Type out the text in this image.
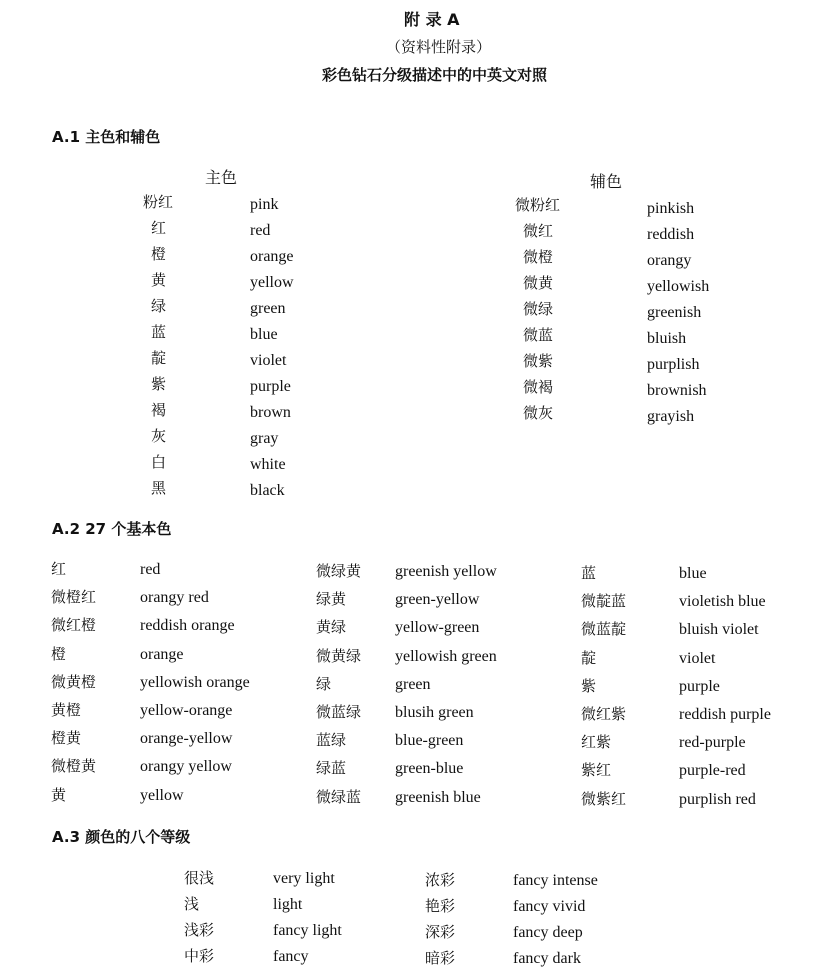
附 录 A
（资料性附录）
彩色钻石分级描述中的中英文对照
A.1 主色和辅色
主色	辅色
粉红	pink
红	red
橙	orange
黄	yellow
绿	green
蓝	blue
靛	violet
紫	purple
褐	brown
灰	gray
白	white
黑	black
微粉红	pinkish
微红	reddish
微橙	orangy
微黄	yellowish
微绿	greenish
微蓝	bluish
微紫	purplish
微褐	brownish
微灰	grayish
A.2 27 个基本色
红	red
微橙红	orangy red
微红橙	reddish orange
橙	orange
微黄橙	yellowish orange
黄橙	yellow-orange
橙黄	orange-yellow
微橙黄	orangy yellow
黄	yellow
微绿黄 greenish yellow
绿黄	green-yellow
黄绿	yellow-green
微黄绿 yellowish green
绿	green
微蓝绿 blusih green
蓝绿	blue-green
绿蓝	green-blue
微绿蓝 greenish blue
蓝	blue
微靛蓝	violetish blue
微蓝靛	bluish violet
靛	violet
紫	purple
微红紫	reddish purple
红紫	red-purple
紫红	purple-red
微紫红	purplish red
A.3 颜色的八个等级
很浅	very light
浅	light
浅彩	fancy light
中彩	fancy
浓彩	fancy intense
艳彩	fancy vivid
深彩	fancy deep
暗彩	fancy dark
